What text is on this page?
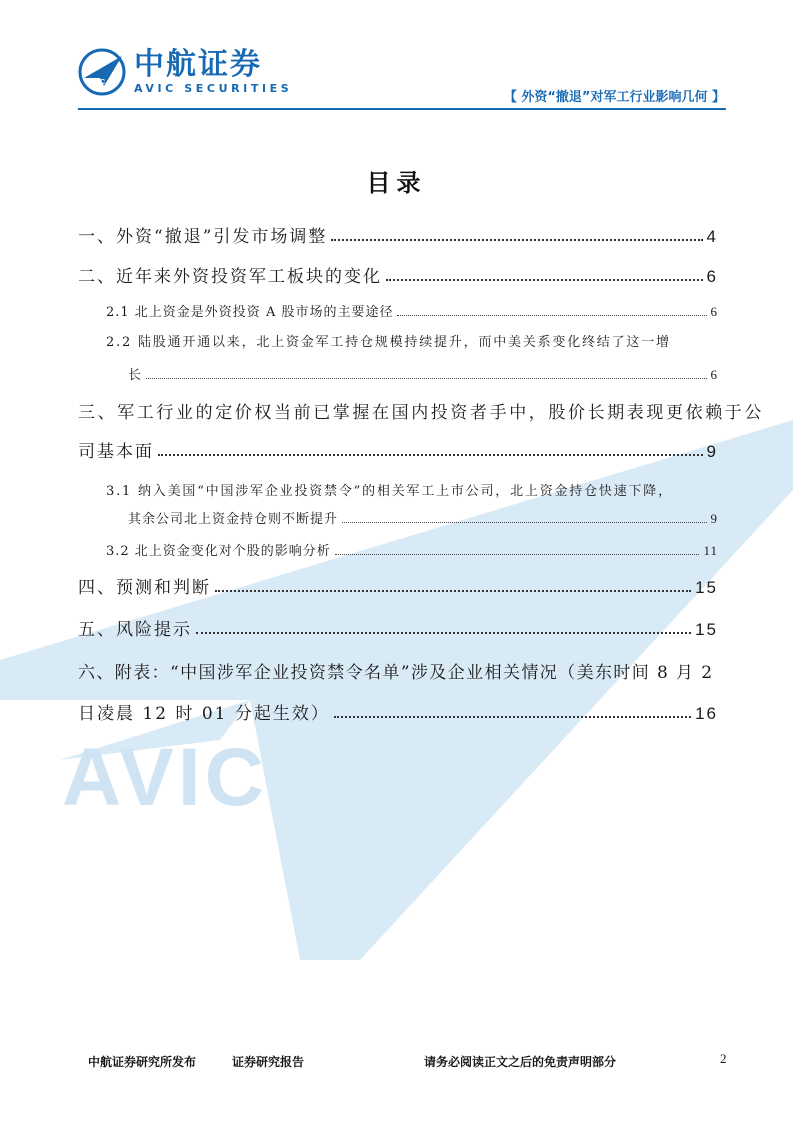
AVIC
AVIC
中航证券
AVIC SECURITIES
【 外资“撤退”对军工行业影响几何 】
目录
一、外资“撤退”引发市场调整	4
二、近年来外资投资军工板块的变化	6
2.1 北上资金是外资投资 A 股市场的主要途径	6
2.2 陆股通开通以来，北上资金军工持仓规模持续提升，而中美关系变化终结了这一增
长	6
三、军工行业的定价权当前已掌握在国内投资者手中，股价长期表现更依赖于公
司基本面	9
3.1 纳入美国“中国涉军企业投资禁令”的相关军工上市公司，北上资金持仓快速下降，
其余公司北上资金持仓则不断提升	9
3.2 北上资金变化对个股的影响分析	11
四、预测和判断	15
五、风险提示	15
六、附表：“中国涉军企业投资禁令名单”涉及企业相关情况（美东时间 8 月 2
日凌晨 12 时 01 分起生效）	16
中航证券研究所发布	证券研究报告	请务必阅读正文之后的免责声明部分	2
